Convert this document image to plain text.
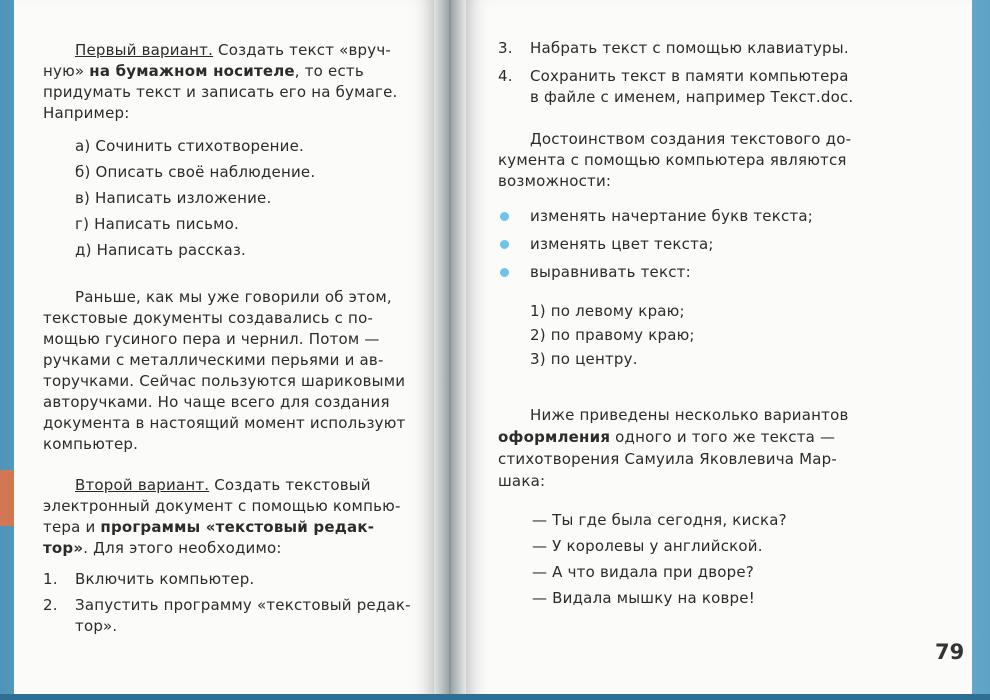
Первый вариант. Создать текст «вруч-
ную» на бумажном носителе, то есть
придумать текст и записать его на бумаге.
Например:
а) Сочинить стихотворение.
б) Описать своё наблюдение.
в) Написать изложение.
г) Написать письмо.
д) Написать рассказ.
Раньше, как мы уже говорили об этом,
текстовые документы создавались с по-
мощью гусиного пера и чернил. Потом —
ручками с металлическими перьями и ав-
торучками. Сейчас пользуются шариковыми
авторучками. Но чаще всего для создания
документа в настоящий момент используют
компьютер.
Второй вариант. Создать текстовый
электронный документ с помощью компью-
тера и программы «текстовый редак-
тор». Для этого необходимо:
1. Включить компьютер.
2. Запустить программу «текстовый редак-
тор».
3. Набрать текст с помощью клавиатуры.
4. Сохранить текст в памяти компьютера
в файле с именем, например Текст.doc.
Достоинством создания текстового до-
кумента с помощью компьютера являются
возможности:
изменять начертание букв текста;
изменять цвет текста;
выравнивать текст:
1) по левому краю;
2) по правому краю;
3) по центру.
Ниже приведены несколько вариантов
оформления одного и того же текста —
стихотворения Самуила Яковлевича Мар-
шака:
— Ты где была сегодня, киска?
— У королевы у английской.
— А что видала при дворе?
— Видала мышку на ковре!
79
